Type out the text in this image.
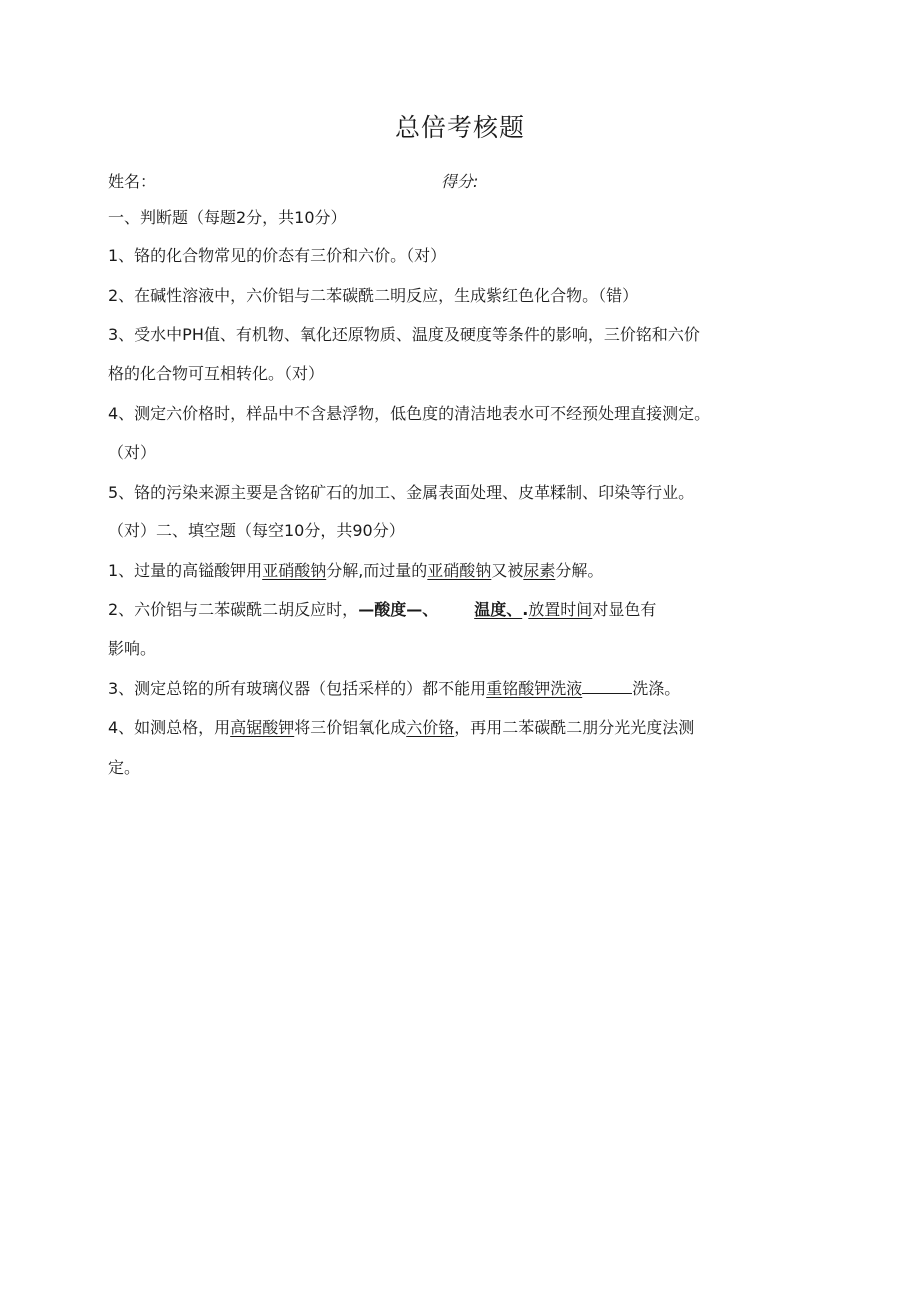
总倍考核题
姓名：	得分:
一、判断题（每题2分，共10分）
1、铬的化合物常见的价态有三价和六价。（对）
2、在碱性溶液中，六价铝与二苯碳酰二明反应，生成紫红色化合物。（错）
3、受水中PH值、有机物、氧化还原物质、温度及硬度等条件的影响，三价铭和六价
格的化合物可互相转化。（对）
4、测定六价格时，样品中不含悬浮物，低色度的清洁地表水可不经预处理直接测定。
（对）
5、铬的污染来源主要是含铭矿石的加工、金属表面处理、皮革糅制、印染等行业。
（对）二、填空题（每空10分，共90分）
1、过量的高镒酸钾用亚硝酸钠分解,而过量的亚硝酸钠又被尿素分解。
2、六价铝与二苯碳酰二胡反应时，—酸度—、 温度、.放置时间对显色有
影响。
3、测定总铭的所有玻璃仪器（包括采样的）都不能用重铭酸钾洗液	洗涤。
4、如测总格，用高锯酸钾将三价铝氧化成六价铬，再用二苯碳酰二朋分光光度法测
定。
